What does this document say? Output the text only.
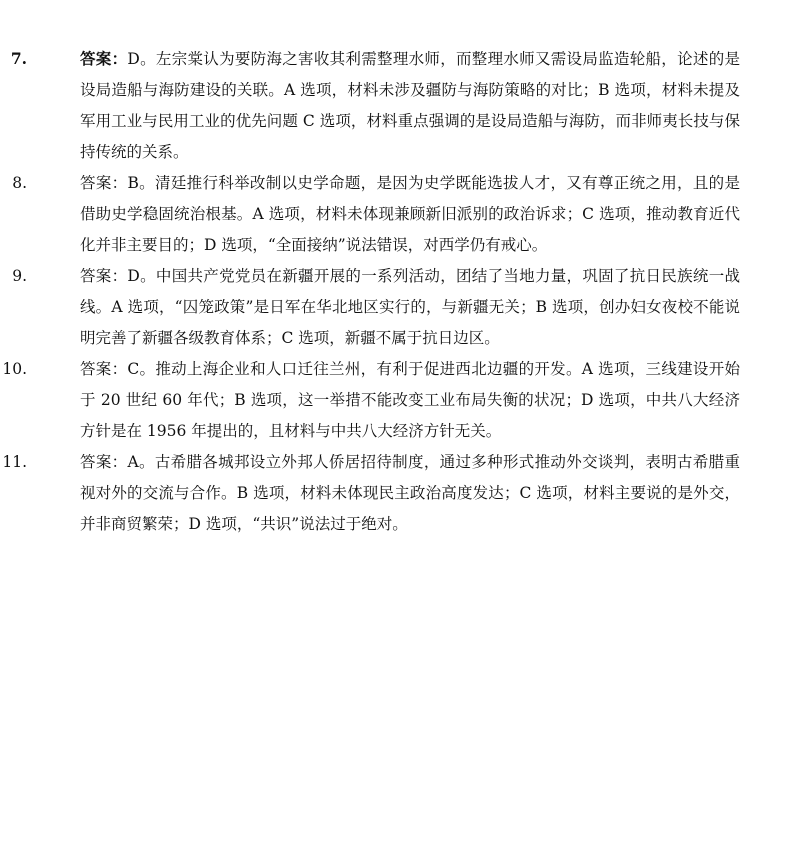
7.	答案：D。左宗棠认为要防海之害收其利需整理水师，而整理水师又需设局监造轮船，论述的是设局造船与海防建设的关联。A 选项，材料未涉及疆防与海防策略的对比；B 选项，材料未提及军用工业与民用工业的优先问题 C 选项，材料重点强调的是设局造船与海防，而非师夷长技与保持传统的关系。
8.	答案：B。清廷推行科举改制以史学命题，是因为史学既能选拔人才，又有尊正统之用，且的是借助史学稳固统治根基。A 选项，材料未体现兼顾新旧派别的政治诉求；C 选项，推动教育近代化并非主要目的；D 选项，“全面接纳”说法错误，对西学仍有戒心。
9.	答案：D。中国共产党党员在新疆开展的一系列活动，团结了当地力量，巩固了抗日民族统一战线。A 选项，“囚笼政策”是日军在华北地区实行的，与新疆无关；B 选项，创办妇女夜校不能说明完善了新疆各级教育体系；C 选项，新疆不属于抗日边区。
10.	答案：C。推动上海企业和人口迁往兰州，有利于促进西北边疆的开发。A 选项，三线建设开始于 20 世纪 60 年代；B 选项，这一举措不能改变工业布局失衡的状况；D 选项，中共八大经济方针是在 1956 年提出的，且材料与中共八大经济方针无关。
11.	答案：A。古希腊各城邦设立外邦人侨居招待制度，通过多种形式推动外交谈判，表明古希腊重视对外的交流与合作。B 选项，材料未体现民主政治高度发达；C 选项，材料主要说的是外交，并非商贸繁荣；D 选项，“共识”说法过于绝对。
